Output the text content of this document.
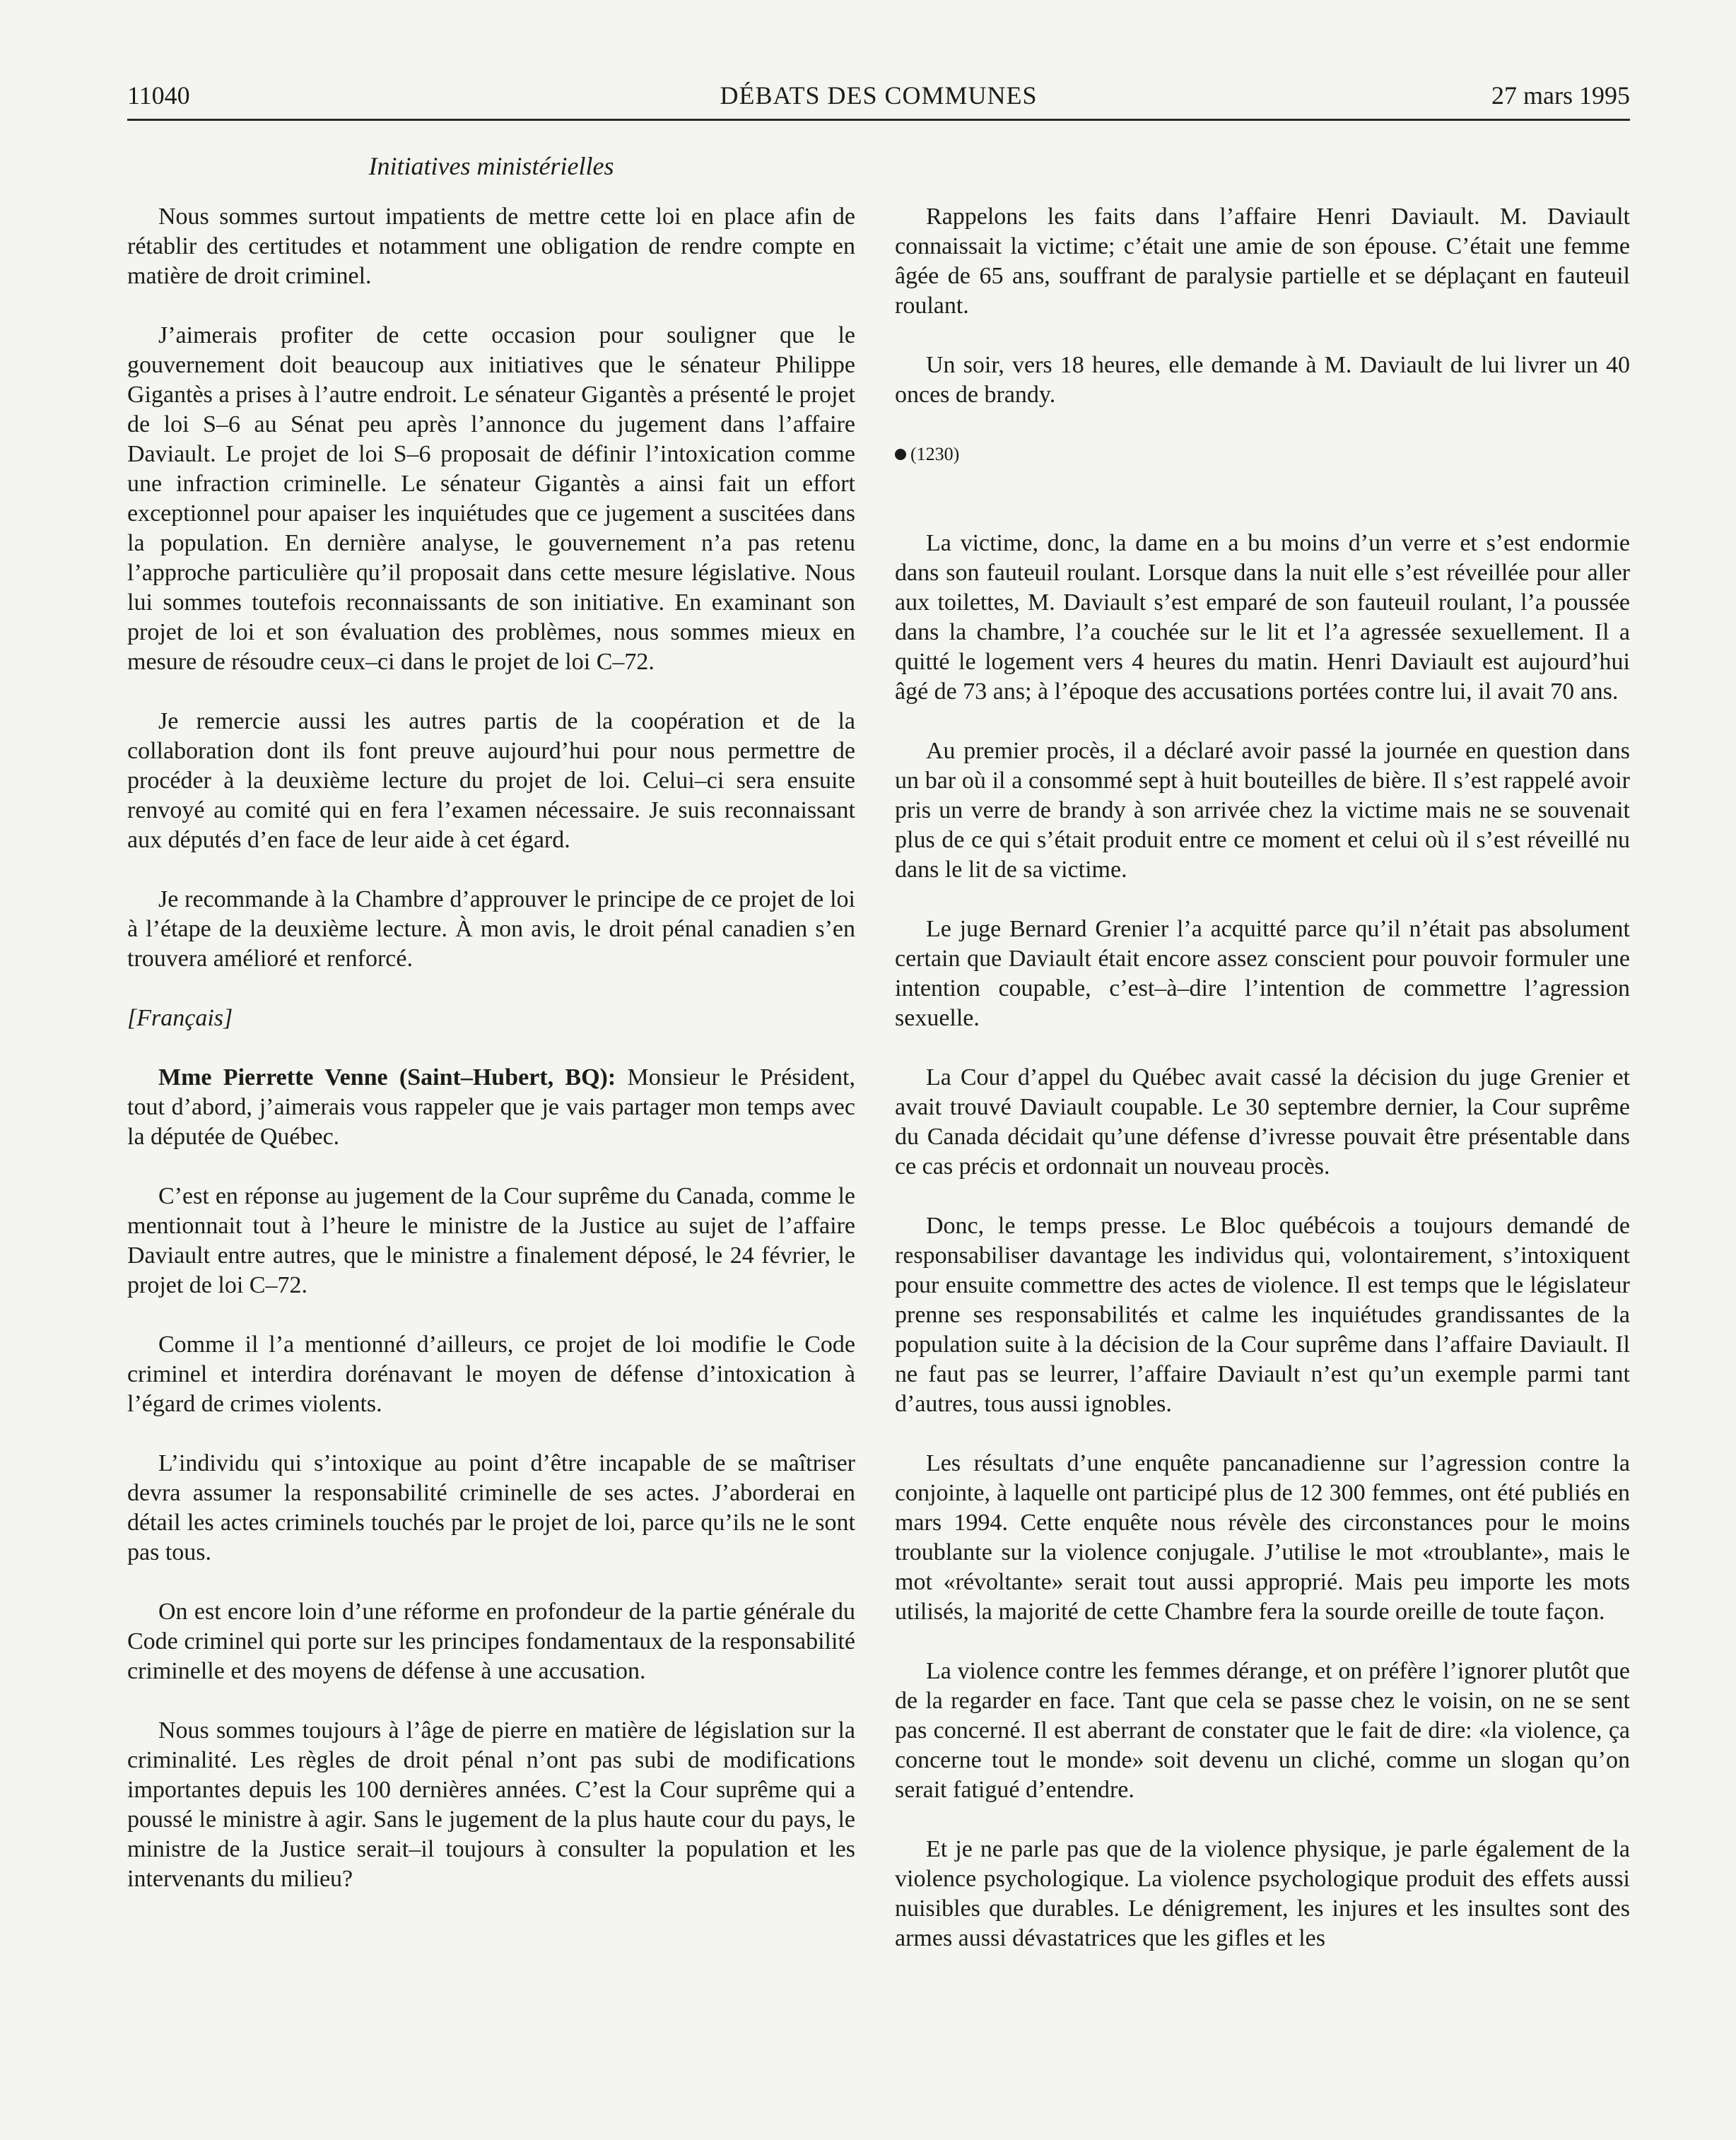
11040	DÉBATS DES COMMUNES	27 mars 1995
Initiatives ministérielles

Nous sommes surtout impatients de mettre cette loi en place afin de rétablir des certitudes et notamment une obligation de rendre compte en matière de droit criminel.

J’aimerais profiter de cette occasion pour souligner que le gouvernement doit beaucoup aux initiatives que le sénateur Philippe Gigantès a prises à l’autre endroit. Le sénateur Gigantès a présenté le projet de loi S–6 au Sénat peu après l’annonce du jugement dans l’affaire Daviault. Le projet de loi S–6 proposait de définir l’intoxication comme une infraction criminelle. Le sénateur Gigantès a ainsi fait un effort exceptionnel pour apaiser les inquiétudes que ce jugement a suscitées dans la population. En dernière analyse, le gouvernement n’a pas retenu l’approche particulière qu’il proposait dans cette mesure législative. Nous lui sommes toutefois reconnaissants de son initiative. En examinant son projet de loi et son évaluation des problèmes, nous sommes mieux en mesure de résoudre ceux–ci dans le projet de loi C–72.

Je remercie aussi les autres partis de la coopération et de la collaboration dont ils font preuve aujourd’hui pour nous permettre de procéder à la deuxième lecture du projet de loi. Celui–ci sera ensuite renvoyé au comité qui en fera l’examen nécessaire. Je suis reconnaissant aux députés d’en face de leur aide à cet égard.

Je recommande à la Chambre d’approuver le principe de ce projet de loi à l’étape de la deuxième lecture. À mon avis, le droit pénal canadien s’en trouvera amélioré et renforcé.

[Français]

Mme Pierrette Venne (Saint–Hubert, BQ): Monsieur le Président, tout d’abord, j’aimerais vous rappeler que je vais partager mon temps avec la députée de Québec.

C’est en réponse au jugement de la Cour suprême du Canada, comme le mentionnait tout à l’heure le ministre de la Justice au sujet de l’affaire Daviault entre autres, que le ministre a finalement déposé, le 24 février, le projet de loi C–72.

Comme il l’a mentionné d’ailleurs, ce projet de loi modifie le Code criminel et interdira dorénavant le moyen de défense d’intoxication à l’égard de crimes violents.

L’individu qui s’intoxique au point d’être incapable de se maîtriser devra assumer la responsabilité criminelle de ses actes. J’aborderai en détail les actes criminels touchés par le projet de loi, parce qu’ils ne le sont pas tous.

On est encore loin d’une réforme en profondeur de la partie générale du Code criminel qui porte sur les principes fondamentaux de la responsabilité criminelle et des moyens de défense à une accusation.

Nous sommes toujours à l’âge de pierre en matière de législation sur la criminalité. Les règles de droit pénal n’ont pas subi de modifications importantes depuis les 100 dernières années. C’est la Cour suprême qui a poussé le ministre à agir. Sans le jugement de la plus haute cour du pays, le ministre de la Justice serait–il toujours à consulter la population et les intervenants du milieu?

Rappelons les faits dans l’affaire Henri Daviault. M. Daviault connaissait la victime; c’était une amie de son épouse. C’était une femme âgée de 65 ans, souffrant de paralysie partielle et se déplaçant en fauteuil roulant.

Un soir, vers 18 heures, elle demande à M. Daviault de lui livrer un 40 onces de brandy.

(1230)

La victime, donc, la dame en a bu moins d’un verre et s’est endormie dans son fauteuil roulant. Lorsque dans la nuit elle s’est réveillée pour aller aux toilettes, M. Daviault s’est emparé de son fauteuil roulant, l’a poussée dans la chambre, l’a couchée sur le lit et l’a agressée sexuellement. Il a quitté le logement vers 4 heures du matin. Henri Daviault est aujourd’hui âgé de 73 ans; à l’époque des accusations portées contre lui, il avait 70 ans.

Au premier procès, il a déclaré avoir passé la journée en question dans un bar où il a consommé sept à huit bouteilles de bière. Il s’est rappelé avoir pris un verre de brandy à son arrivée chez la victime mais ne se souvenait plus de ce qui s’était produit entre ce moment et celui où il s’est réveillé nu dans le lit de sa victime.

Le juge Bernard Grenier l’a acquitté parce qu’il n’était pas absolument certain que Daviault était encore assez conscient pour pouvoir formuler une intention coupable, c’est–à–dire l’intention de commettre l’agression sexuelle.

La Cour d’appel du Québec avait cassé la décision du juge Grenier et avait trouvé Daviault coupable. Le 30 septembre dernier, la Cour suprême du Canada décidait qu’une défense d’ivresse pouvait être présentable dans ce cas précis et ordonnait un nouveau procès.

Donc, le temps presse. Le Bloc québécois a toujours demandé de responsabiliser davantage les individus qui, volontairement, s’intoxiquent pour ensuite commettre des actes de violence. Il est temps que le législateur prenne ses responsabilités et calme les inquiétudes grandissantes de la population suite à la décision de la Cour suprême dans l’affaire Daviault. Il ne faut pas se leurrer, l’affaire Daviault n’est qu’un exemple parmi tant d’autres, tous aussi ignobles.

Les résultats d’une enquête pancanadienne sur l’agression contre la conjointe, à laquelle ont participé plus de 12 300 femmes, ont été publiés en mars 1994. Cette enquête nous révèle des circonstances pour le moins troublante sur la violence conjugale. J’utilise le mot «troublante», mais le mot «révoltante» serait tout aussi approprié. Mais peu importe les mots utilisés, la majorité de cette Chambre fera la sourde oreille de toute façon.

La violence contre les femmes dérange, et on préfère l’ignorer plutôt que de la regarder en face. Tant que cela se passe chez le voisin, on ne se sent pas concerné. Il est aberrant de constater que le fait de dire: «la violence, ça concerne tout le monde» soit devenu un cliché, comme un slogan qu’on serait fatigué d’entendre.

Et je ne parle pas que de la violence physique, je parle également de la violence psychologique. La violence psychologique produit des effets aussi nuisibles que durables. Le dénigrement, les injures et les insultes sont des armes aussi dévastatrices que les gifles et les
